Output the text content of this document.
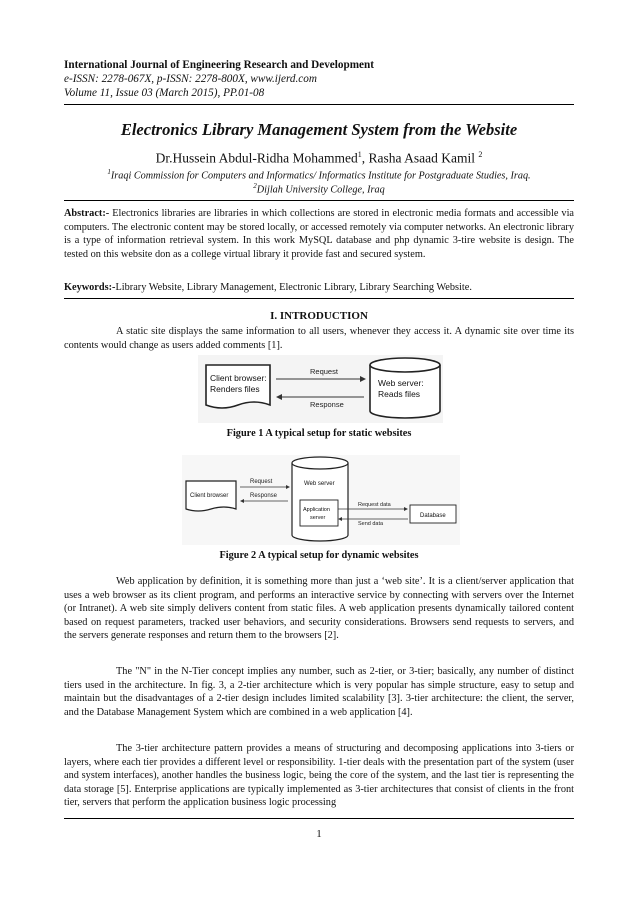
International Journal of Engineering Research and Development
e-ISSN: 2278-067X, p-ISSN: 2278-800X, www.ijerd.com
Volume 11, Issue 03 (March 2015), PP.01-08
Electronics Library Management System from the Website
Dr.Hussein Abdul-Ridha Mohammed$^1$, Rasha Asaad Kamil $^2$
$^1$Iraqi Commission for Computers and Informatics/ Informatics Institute for Postgraduate Studies, Iraq.
$^2$Dijlah University College, Iraq
Abstract:- Electronics libraries are libraries in which collections are stored in electronic media formats and accessible via computers. The electronic content may be stored locally, or accessed remotely via computer networks. An electronic library is a type of information retrieval system. In this work MySQL database and php dynamic 3-tire website is design. The tested on this website don as a college virtual library it provide fast and secured system.
Keywords:-Library Website, Library Management, Electronic Library, Library Searching Website.
I. INTRODUCTION
A static site displays the same information to all users, whenever they access it. A dynamic site over time its contents would change as users added comments [1].
Client browser:
Renders files
Request
Response
Web server:
Reads files
Figure 1 A typical setup for static websites
Client browser
Request
Response
Web server
Application
server
Request data
Send data
Database
Figure 2 A typical setup for dynamic websites
Web application by definition, it is something more than just a ‘web site’. It is a client/server application that uses a web browser as its client program, and performs an interactive service by connecting with servers over the Internet (or Intranet). A web site simply delivers content from static files. A web application presents dynamically tailored content based on request parameters, tracked user behaviors, and security considerations. Browsers send requests to servers, and the servers generate responses and return them to the browsers [2].
The "N" in the N-Tier concept implies any number, such as 2-tier, or 3-tier; basically, any number of distinct tiers used in the architecture. In fig. 3, a 2-tier architecture which is very popular has simple structure, easy to setup and maintain but the disadvantages of a 2-tier design includes limited scalability [3]. 3-tier architecture: the client, the server, and the Database Management System which are combined in a web application [4].
The 3-tier architecture pattern provides a means of structuring and decomposing applications into 3-tiers or layers, where each tier provides a different level or responsibility. 1-tier deals with the presentation part of the system (user and system interfaces), another handles the business logic, being the core of the system, and the last tier is representing the data storage [5]. Enterprise applications are typically implemented as 3-tier architectures that consist of clients in the front tier, servers that perform the application business logic processing
1
